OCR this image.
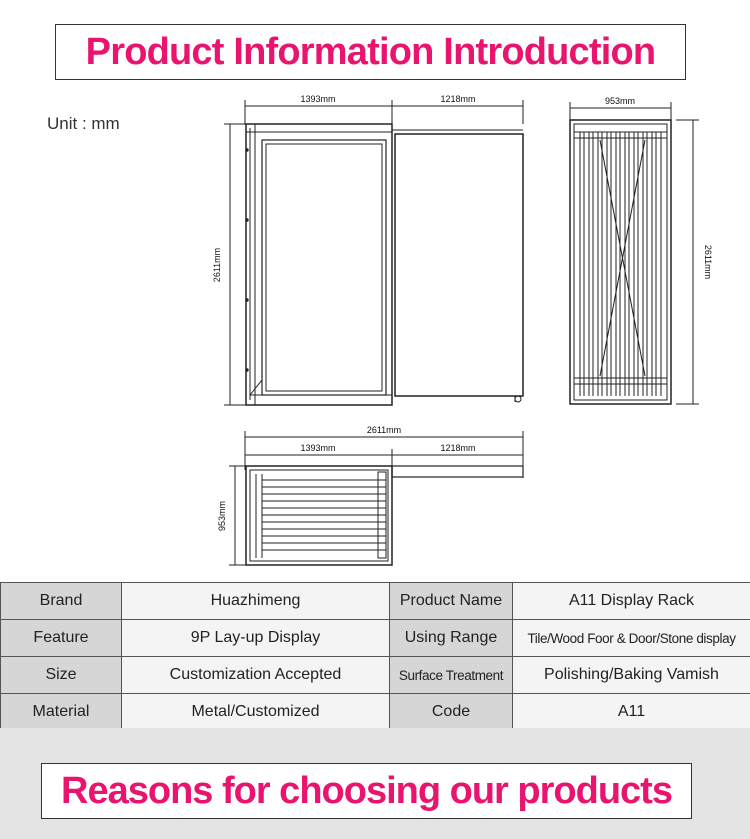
Product Information Introduction
Unit : mm
1393mm	1218mm
2611mm
953mm
2611mm
2611mm
1393mm	1218mm
953mm
Brand	Huazhimeng	Product Name	A11 Display Rack
Feature	9P Lay-up Display	Using Range	Tile/Wood Foor & Door/Stone display
Size	Customization Accepted	Surface Treatment	Polishing/Baking Vamish
Material	Metal/Customized	Code	A11
Reasons for choosing our products
